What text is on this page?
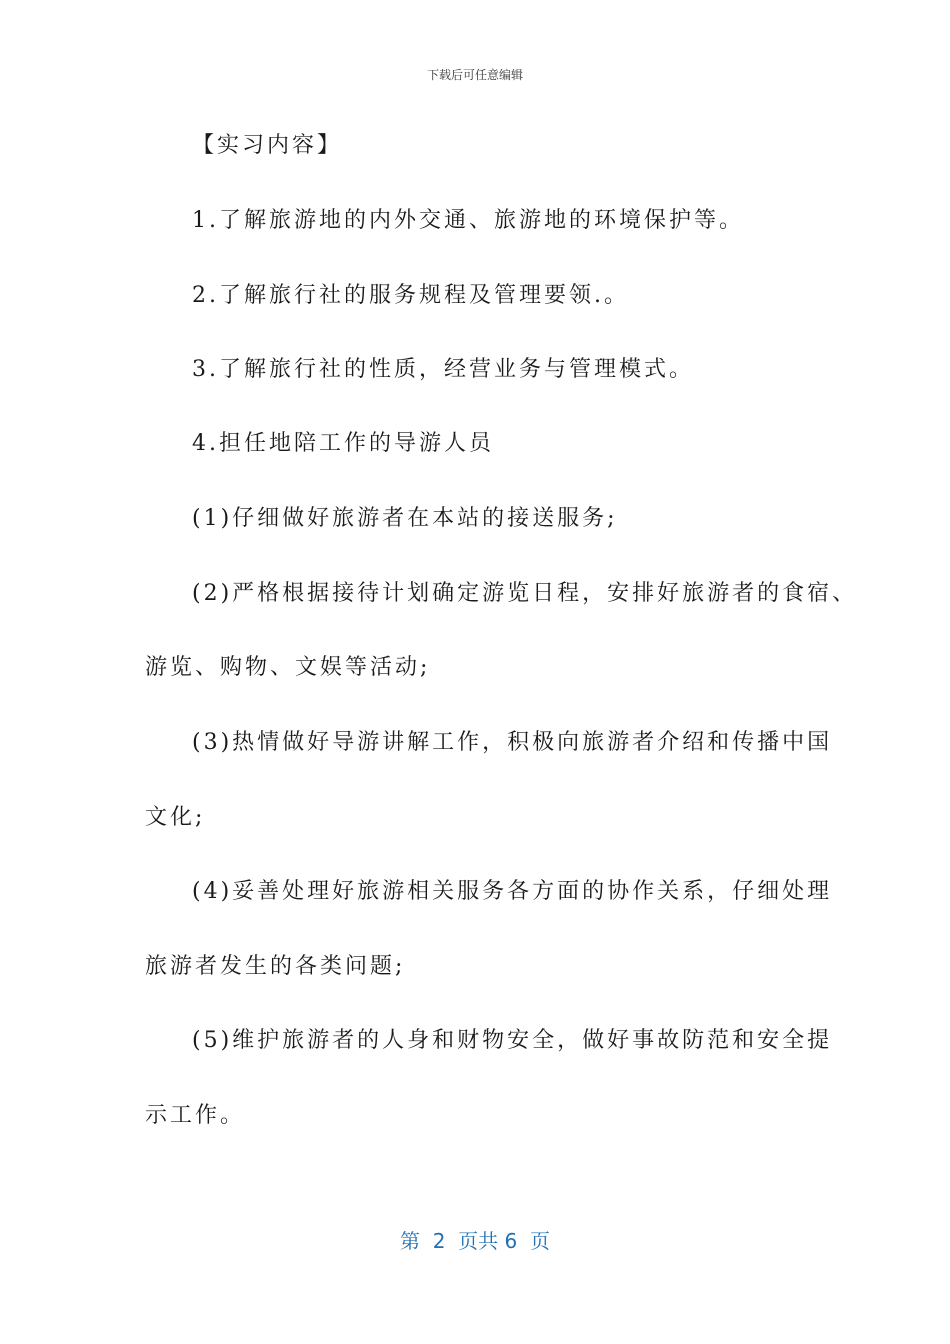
下载后可任意编辑
【实习内容】
1.了解旅游地的内外交通、旅游地的环境保护等。
2.了解旅行社的服务规程及管理要领.。
3.了解旅行社的性质，经营业务与管理模式。
4.担任地陪工作的导游人员
(1)仔细做好旅游者在本站的接送服务;
(2)严格根据接待计划确定游览日程，安排好旅游者的食宿、
游览、购物、文娱等活动;
(3)热情做好导游讲解工作，积极向旅游者介绍和传播中国
文化;
(4)妥善处理好旅游相关服务各方面的协作关系，仔细处理
旅游者发生的各类问题;
(5)维护旅游者的人身和财物安全，做好事故防范和安全提
示工作。
第  2  页共 6  页
